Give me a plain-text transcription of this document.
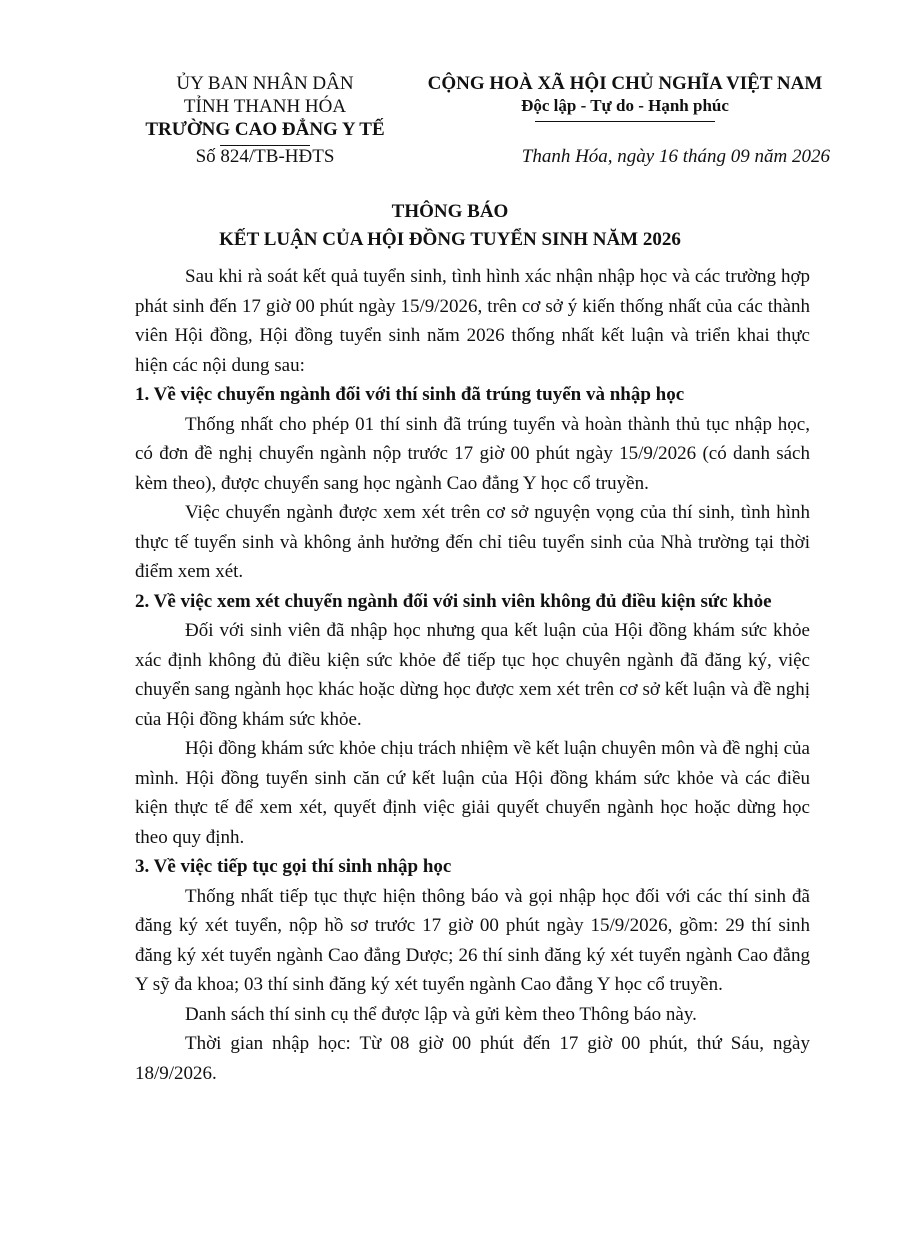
ỦY BAN NHÂN DÂN
TỈNH THANH HÓA
TRƯỜNG CAO ĐẲNG Y TẾ
CỘNG HOÀ XÃ HỘI CHỦ NGHĨA VIỆT NAM
Độc lập - Tự do - Hạnh phúc
Số 824/TB-HĐTS	Thanh Hóa, ngày 16 tháng 09 năm 2026
THÔNG BÁO
KẾT LUẬN CỦA HỘI ĐỒNG TUYỂN SINH NĂM 2026

Sau khi rà soát kết quả tuyển sinh, tình hình xác nhận nhập học và các trường hợp phát sinh đến 17 giờ 00 phút ngày 15/9/2026, trên cơ sở ý kiến thống nhất của các thành viên Hội đồng, Hội đồng tuyển sinh năm 2026 thống nhất kết luận và triển khai thực hiện các nội dung sau:

1. Về việc chuyển ngành đối với thí sinh đã trúng tuyển và nhập học

Thống nhất cho phép 01 thí sinh đã trúng tuyển và hoàn thành thủ tục nhập học, có đơn đề nghị chuyển ngành nộp trước 17 giờ 00 phút ngày 15/9/2026 (có danh sách kèm theo), được chuyển sang học ngành Cao đẳng Y học cổ truyền.

Việc chuyển ngành được xem xét trên cơ sở nguyện vọng của thí sinh, tình hình thực tế tuyển sinh và không ảnh hưởng đến chỉ tiêu tuyển sinh của Nhà trường tại thời điểm xem xét.

2. Về việc xem xét chuyển ngành đối với sinh viên không đủ điều kiện sức khỏe

Đối với sinh viên đã nhập học nhưng qua kết luận của Hội đồng khám sức khỏe xác định không đủ điều kiện sức khỏe để tiếp tục học chuyên ngành đã đăng ký, việc chuyển sang ngành học khác hoặc dừng học được xem xét trên cơ sở kết luận và đề nghị của Hội đồng khám sức khỏe.

Hội đồng khám sức khỏe chịu trách nhiệm về kết luận chuyên môn và đề nghị của mình. Hội đồng tuyển sinh căn cứ kết luận của Hội đồng khám sức khỏe và các điều kiện thực tế để xem xét, quyết định việc giải quyết chuyển ngành học hoặc dừng học theo quy định.

3. Về việc tiếp tục gọi thí sinh nhập học

Thống nhất tiếp tục thực hiện thông báo và gọi nhập học đối với các thí sinh đã đăng ký xét tuyển, nộp hồ sơ trước 17 giờ 00 phút ngày 15/9/2026, gồm: 29 thí sinh đăng ký xét tuyển ngành Cao đẳng Dược; 26 thí sinh đăng ký xét tuyển ngành Cao đẳng Y sỹ đa khoa; 03 thí sinh đăng ký xét tuyển ngành Cao đẳng Y học cổ truyền.

Danh sách thí sinh cụ thể được lập và gửi kèm theo Thông báo này.

Thời gian nhập học: Từ 08 giờ 00 phút đến 17 giờ 00 phút, thứ Sáu, ngày 18/9/2026.
